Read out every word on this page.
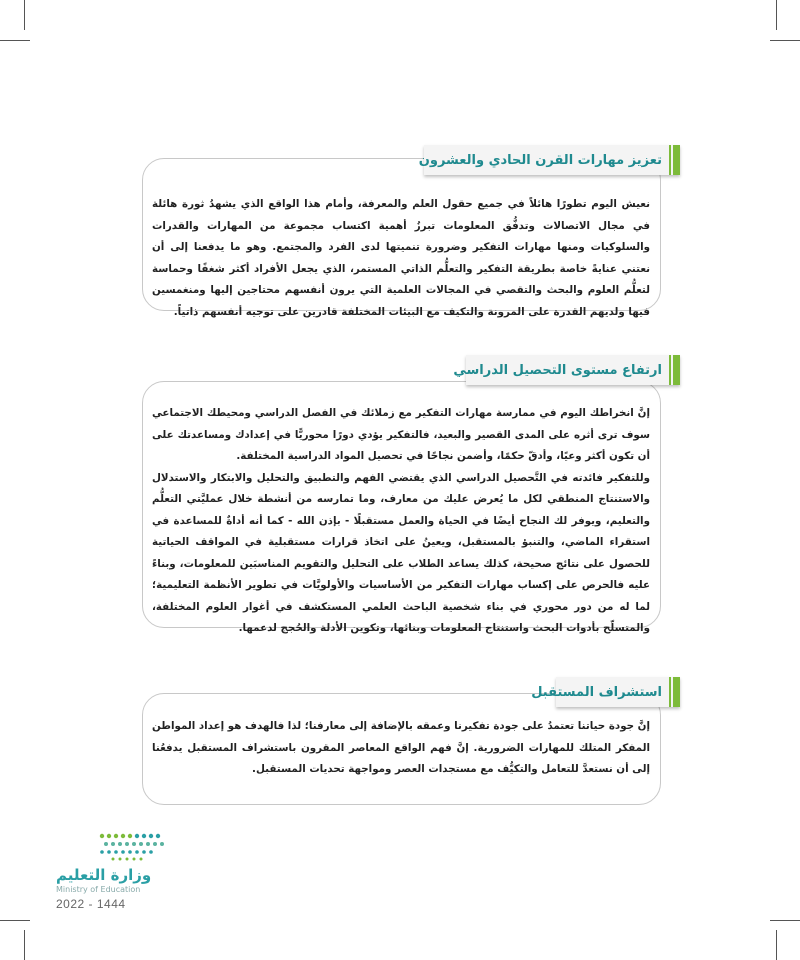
تعزيز مهارات القرن الحادي والعشرون

نعيش اليوم تطورًا هائلاً في جميع حقول العلم والمعرفة، وأمام هذا الواقع الذي يشهدُ ثورة هائلة في مجال الاتصالات وتدفُّق المعلومات تبرزُ أهمية اكتساب مجموعة من المهارات والقدرات والسلوكيات ومنها مهارات التفكير وضرورة تنميتها لدى الفرد والمجتمع. وهو ما يدفعنا إلى أن نعتني عنايةً خاصة بطريقة التفكير والتعلُّم الذاتي المستمر، الذي يجعل الأفراد أكثر شغفًا وحماسة لتعلُّم العلوم والبحث والتقصي في المجالات العلمية التي يرون أنفسهم محتاجين إليها ومنغمسين فيها ولديهم القدرة على المرونة والتكيف مع البيئات المختلفة قادرين على توجيه أنفسهم ذاتياً.

ارتفاع مستوى التحصيل الدراسي

إنَّ انخراطك اليوم في ممارسة مهارات التفكير مع زملائك في الفصل الدراسي ومحيطك الاجتماعي سوف ترى أثره على المدى القصير والبعيد، فالتفكير يؤدي دورًا محوريًّا في إعدادك ومساعدتك على أن تكون أكثر وعيًا، وأدقّ حكمًا، وأضمن نجاحًا في تحصيل المواد الدراسية المختلفة.

وللتفكير فائدته في التَّحصيل الدراسي الذي يقتضي الفهم والتطبيق والتحليل والابتكار والاستدلال والاستنتاج المنطقي لكل ما يُعرض عليك من معارف، وما تمارسه من أنشطة خلال عمليَّتي التعلُّم والتعليم، ويوفر لك النجاح أيضًا في الحياة والعمل مستقبلًا - بإذن الله - كما أنه أداةٌ للمساعدة في استقراء الماضي، والتنبؤ بالمستقبل، ويعينُ على اتخاذ قرارات مستقبلية في المواقف الحياتية للحصول على نتائج صحيحة، كذلك يساعد الطلاب على التحليل والتقويم المناسبَين للمعلومات، وبناءً عليه فالحرص على إكساب مهارات التفكير من الأساسيات والأولويَّات في تطوير الأنظمة التعليمية؛ لما له من دور محوري في بناء شخصية الباحث العلمي المستكشف في أغوار العلوم المختلفة، والمتسلّح بأدوات البحث واستنتاج المعلومات وبنائها، وتكوين الأدلة والحُجج لدعمها.

استشراف المستقبل

إنَّ جودة حياتنا تعتمدُ على جودة تفكيرنا وعمقه بالإضافة إلى معارفنا؛ لذا فالهدف هو إعداد المواطن المفكر المتلك للمهارات الضرورية. إنَّ فهم الواقع المعاصر المقرون باستشراف المستقبل يدفعُنا إلى أن نستعدَّ للتعامل والتكيُّف مع مستجدات العصر ومواجهة تحديات المستقبل.

وزارة التعليم
Ministry of Education
2022 - 1444
